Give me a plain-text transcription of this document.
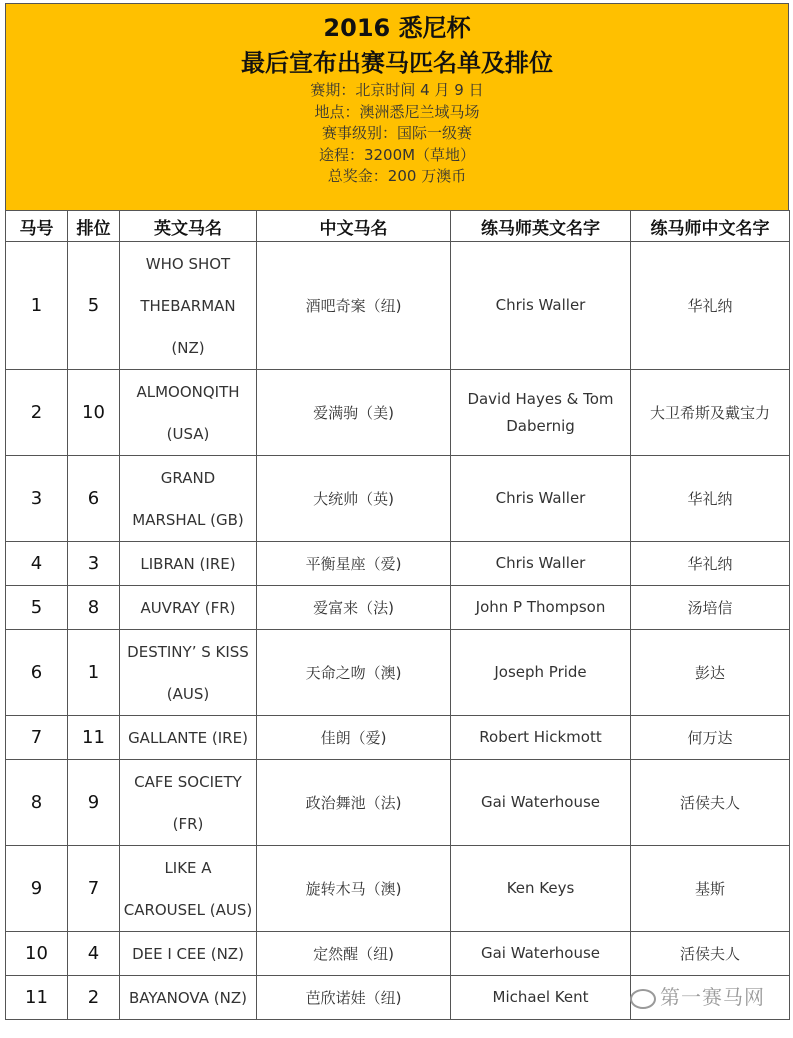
2016 悉尼杯
最后宣布出赛马匹名单及排位
赛期：北京时间 4 月 9 日
地点：澳洲悉尼兰域马场
赛事级别：国际一级赛
途程：3200M（草地）
总奖金：200 万澳币
马号	排位	英文马名	中文马名	练马师英文名字	练马师中文名字
1	5	WHO SHOT THEBARMAN (NZ)	酒吧奇案（纽)	Chris Waller	华礼纳
2	10	ALMOONQITH (USA)	爱满驹（美)	David Hayes & Tom Dabernig	大卫希斯及戴宝力
3	6	GRAND MARSHAL (GB)	大统帅（英)	Chris Waller	华礼纳
4	3	LIBRAN (IRE)	平衡星座（爱)	Chris Waller	华礼纳
5	8	AUVRAY (FR)	爱富来（法)	John P Thompson	汤培信
6	1	DESTINY’ S KISS (AUS)	天命之吻（澳)	Joseph Pride	彭达
7	11	GALLANTE (IRE)	佳朗（爱)	Robert Hickmott	何万达
8	9	CAFE SOCIETY (FR)	政治舞池（法)	Gai Waterhouse	活侯夫人
9	7	LIKE A CAROUSEL (AUS)	旋转木马（澳)	Ken Keys	基斯
10	4	DEE I CEE (NZ)	定然醒（纽)	Gai Waterhouse	活侯夫人
11	2	BAYANOVA (NZ)	芭欣诺娃（纽)	Michael Kent		第一赛马网
